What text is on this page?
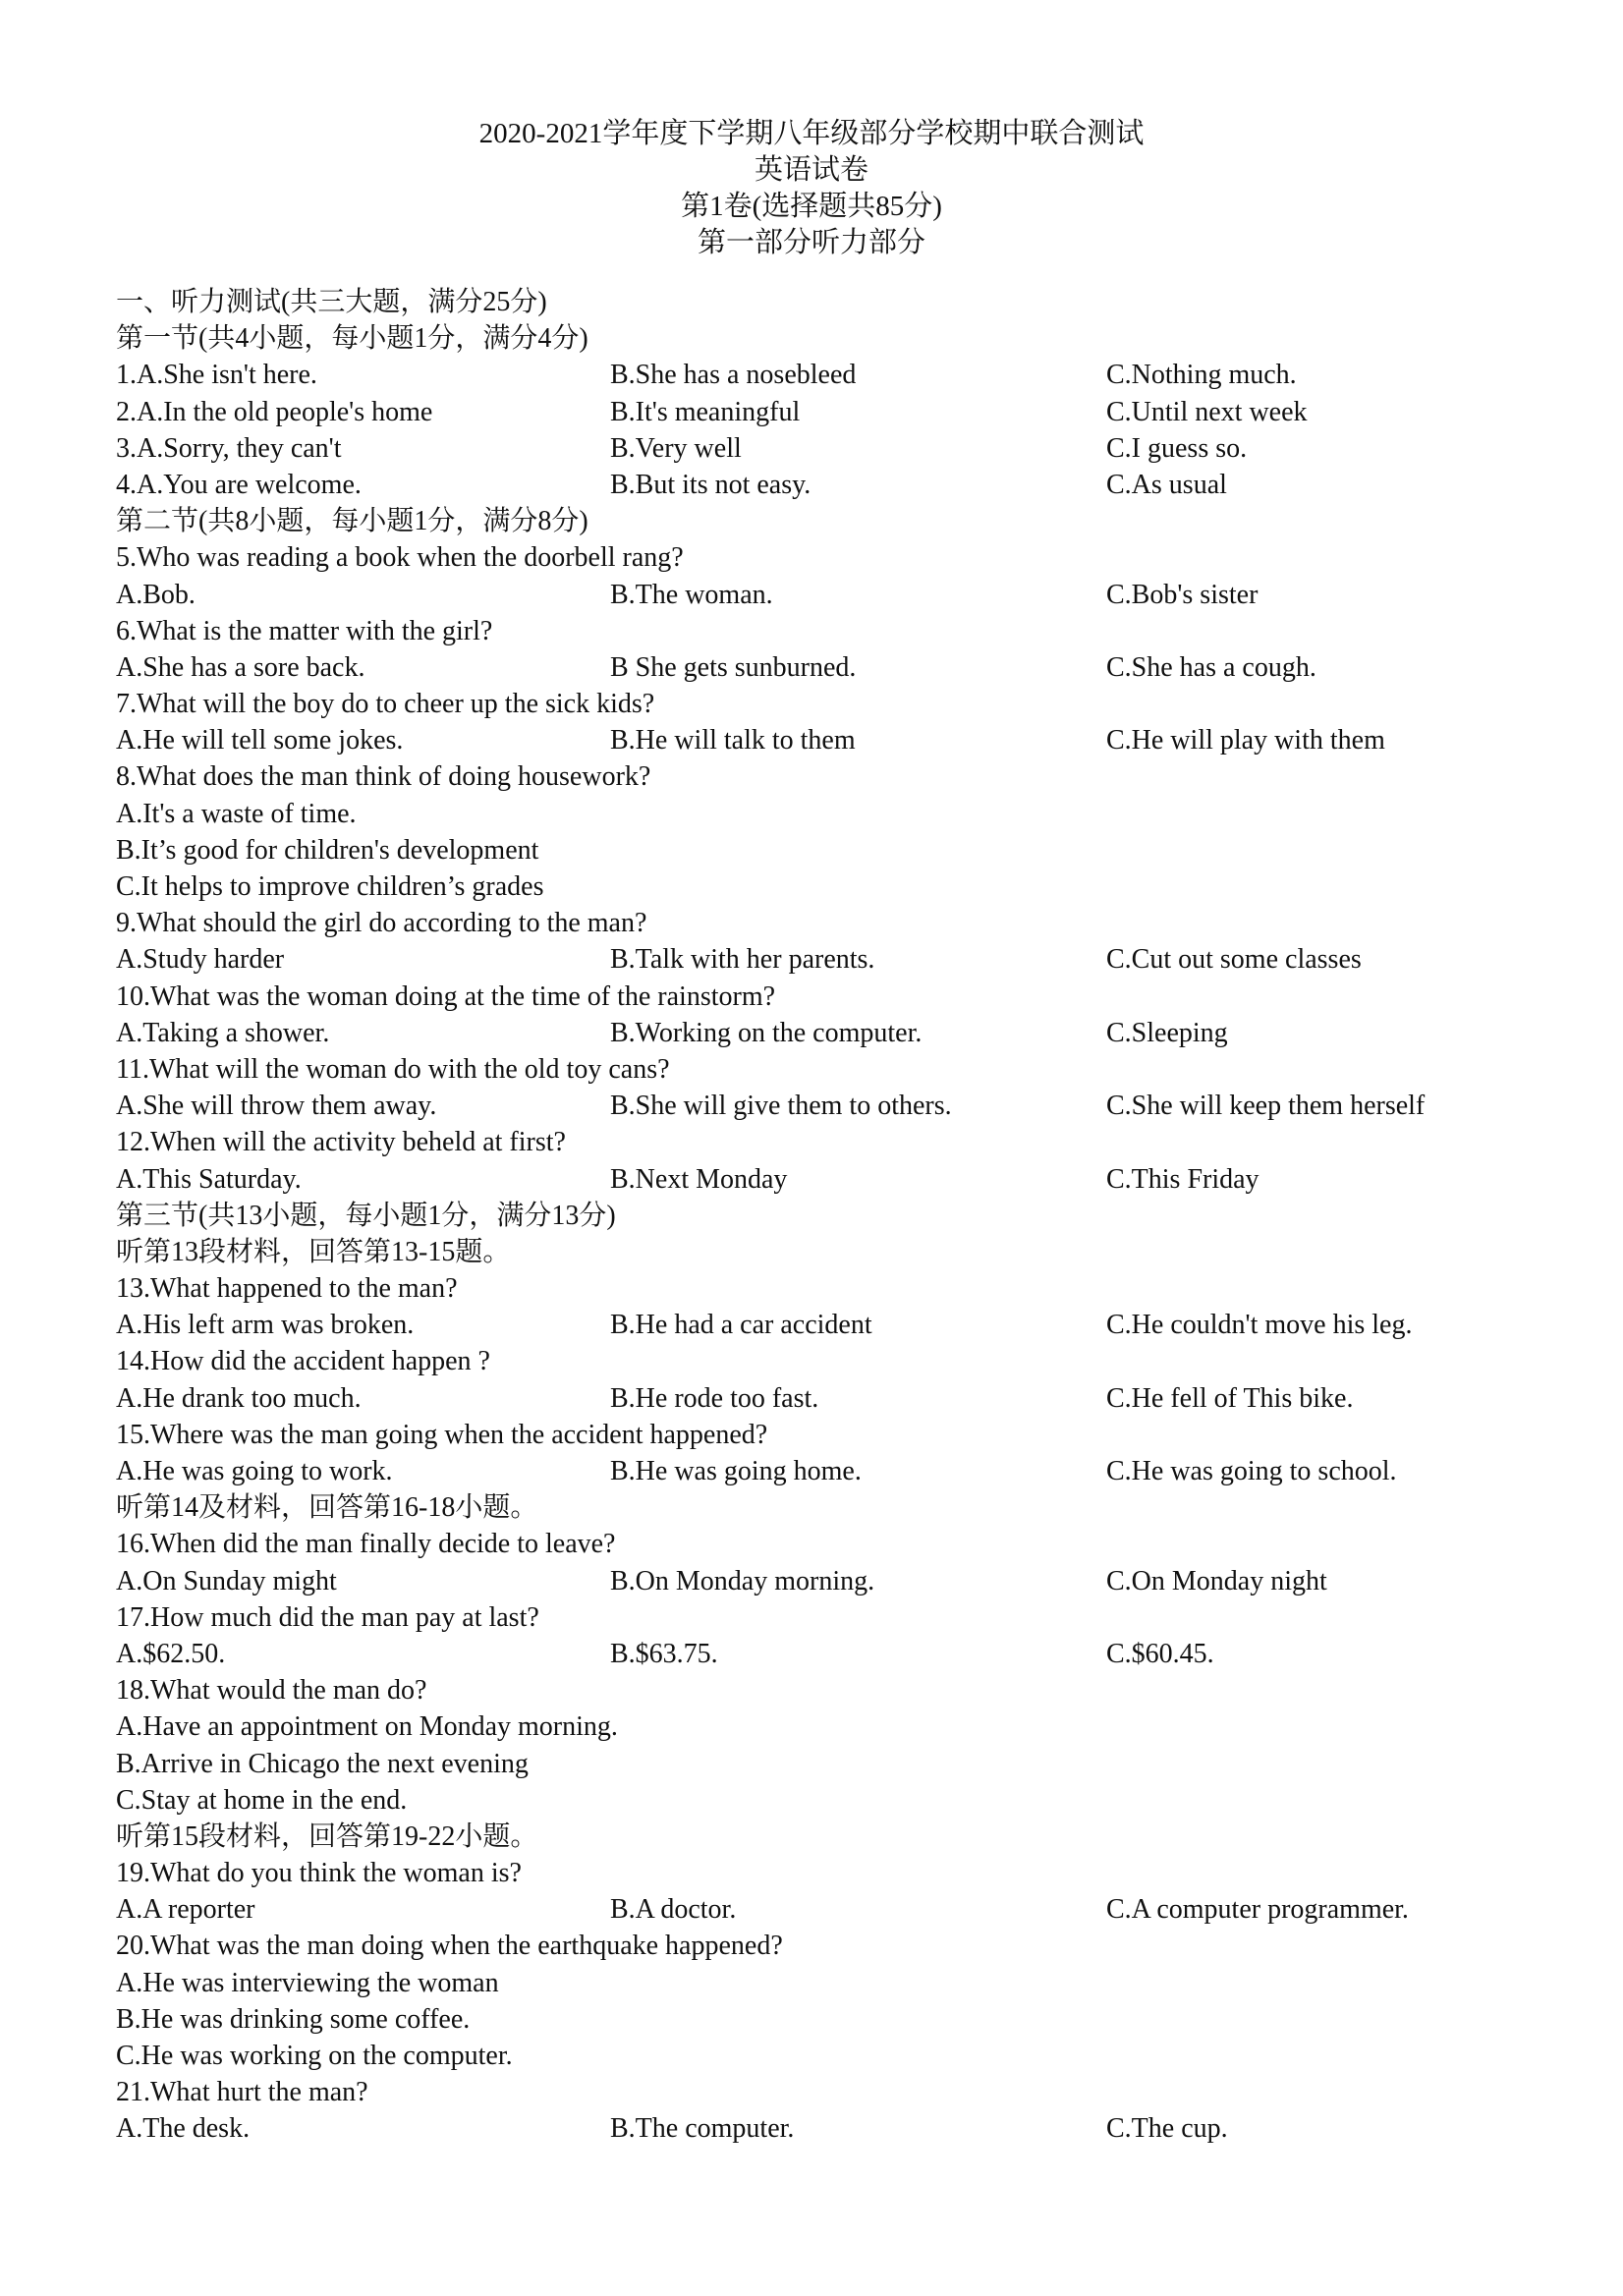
2020-2021学年度下学期八年级部分学校期中联合测试
英语试卷
第1卷(选择题共85分)
第一部分听力部分
一、听力测试(共三大题，满分25分)
第一节(共4小题，每小题1分，满分4分)
1.A.She isn't here.	B.She has a nosebleed	C.Nothing much.
2.A.In the old people's home	B.It's meaningful	C.Until next week
3.A.Sorry, they can't	B.Very well	C.I guess so.
4.A.You are welcome.	B.But its not easy.	C.As usual
第二节(共8小题，每小题1分，满分8分)
5.Who was reading a book when the doorbell rang?
A.Bob.	B.The woman.	C.Bob's sister
6.What is the matter with the girl?
A.She has a sore back.	B She gets sunburned.	C.She has a cough.
7.What will the boy do to cheer up the sick kids?
A.He will tell some jokes.	B.He will talk to them	C.He will play with them
8.What does the man think of doing housework?
A.It's a waste of time.
B.It’s good for children's development
C.It helps to improve children’s grades
9.What should the girl do according to the man?
A.Study harder	B.Talk with her parents.	C.Cut out some classes
10.What was the woman doing at the time of the rainstorm?
A.Taking a shower.	B.Working on the computer.	C.Sleeping
11.What will the woman do with the old toy cans?
A.She will throw them away.	B.She will give them to others.	C.She will keep them herself
12.When will the activity beheld at first?
A.This Saturday.	B.Next Monday	C.This Friday
第三节(共13小题，每小题1分，满分13分)
听第13段材料，回答第13-15题。
13.What happened to the man?
A.His left arm was broken.	B.He had a car accident	C.He couldn't move his leg.
14.How did the accident happen ?
A.He drank too much.	B.He rode too fast.	C.He fell of This bike.
15.Where was the man going when the accident happened?
A.He was going to work.	B.He was going home.	C.He was going to school.
听第14及材料，回答第16-18小题。
16.When did the man finally decide to leave?
A.On Sunday might	B.On Monday morning.	C.On Monday night
17.How much did the man pay at last?
A.$62.50.	B.$63.75.	C.$60.45.
18.What would the man do?
A.Have an appointment on Monday morning.
B.Arrive in Chicago the next evening
C.Stay at home in the end.
听第15段材料，回答第19-22小题。
19.What do you think the woman is?
A.A reporter	B.A doctor.	C.A computer programmer.
20.What was the man doing when the earthquake happened?
A.He was interviewing the woman
B.He was drinking some coffee.
C.He was working on the computer.
21.What hurt the man?
A.The desk.	B.The computer.	C.The cup.
